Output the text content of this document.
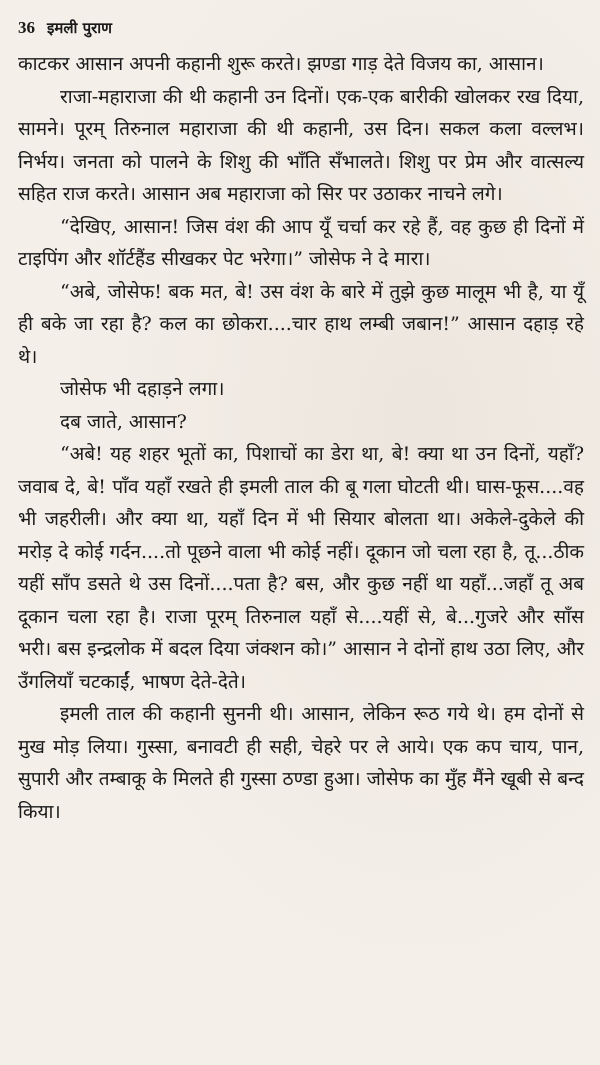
36 इमली पुराण

काटकर आसान अपनी कहानी शुरू करते। झण्डा गाड़ देते विजय का, आसान।

राजा-महाराजा की थी कहानी उन दिनों। एक-एक बारीकी खोलकर रख दिया, सामने। पूरम् तिरुनाल महाराजा की थी कहानी, उस दिन। सकल कला वल्लभ। निर्भय। जनता को पालने के शिशु की भाँति सँभालते। शिशु पर प्रेम और वात्सल्य सहित राज करते। आसान अब महाराजा को सिर पर उठाकर नाचने लगे।

“देखिए, आसान! जिस वंश की आप यूँ चर्चा कर रहे हैं, वह कुछ ही दिनों में टाइपिंग और शॉर्टहैंड सीखकर पेट भरेगा।” जोसेफ ने दे मारा।

“अबे, जोसेफ! बक मत, बे! उस वंश के बारे में तुझे कुछ मालूम भी है, या यूँ ही बके जा रहा है? कल का छोकरा....चार हाथ लम्बी जबान!” आसान दहाड़ रहे थे।

जोसेफ भी दहाड़ने लगा।

दब जाते, आसान?

“अबे! यह शहर भूतों का, पिशाचों का डेरा था, बे! क्या था उन दिनों, यहाँ? जवाब दे, बे! पाँव यहाँ रखते ही इमली ताल की बू गला घोटती थी। घास-फूस....वह भी जहरीली। और क्या था, यहाँ दिन में भी सियार बोलता था। अकेले-दुकेले की मरोड़ दे कोई गर्दन....तो पूछने वाला भी कोई नहीं। दूकान जो चला रहा है, तू...ठीक यहीं साँप डसते थे उस दिनों....पता है? बस, और कुछ नहीं था यहाँ...जहाँ तू अब दूकान चला रहा है। राजा पूरम् तिरुनाल यहाँ से....यहीं से, बे...गुजरे और साँस भरी। बस इन्द्रलोक में बदल दिया जंक्शन को।” आसान ने दोनों हाथ उठा लिए, और उँगलियाँ चटकाईं, भाषण देते-देते।

इमली ताल की कहानी सुननी थी। आसान, लेकिन रूठ गये थे। हम दोनों से मुख मोड़ लिया। गुस्सा, बनावटी ही सही, चेहरे पर ले आये। एक कप चाय, पान, सुपारी और तम्बाकू के मिलते ही गुस्सा ठण्डा हुआ। जोसेफ का मुँह मैंने खूबी से बन्द किया।
